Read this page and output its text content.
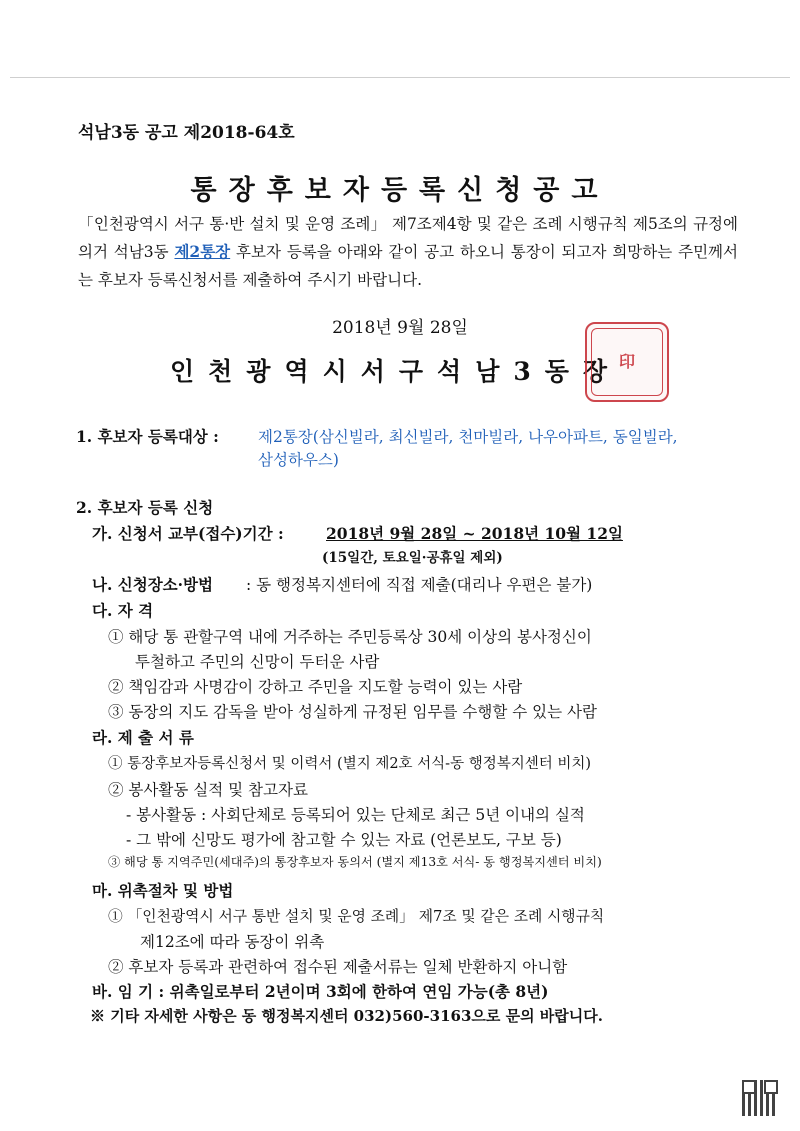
석남3동 공고 제2018-64호
통장후보자등록신청공고
「인천광역시 서구 통·반 설치 및 운영 조례」 제7조제4항 및 같은 조례 시행규칙 제5조의 규정에 의거 석남3동 제2통장 후보자 등록을 아래와 같이 공고 하오니 통장이 되고자 희망하는 주민께서는 후보자 등록신청서를 제출하여 주시기 바랍니다.
2018년 9월 28일
인천광역시서구석남3동장
印
1. 후보자 등록대상 :	제2통장(삼신빌라, 최신빌라, 천마빌라, 나우아파트, 동일빌라,
삼성하우스)
2. 후보자 등록 신청
가. 신청서 교부(접수)기간 :	2018년 9월 28일 ~ 2018년 10월 12일
(15일간, 토요일·공휴일 제외)
나. 신청장소·방법 : 동 행정복지센터에 직접 제출(대리나 우편은 불가)
다. 자 격
① 해당 통 관할구역 내에 거주하는 주민등록상 30세 이상의 봉사정신이
투철하고 주민의 신망이 두터운 사람
② 책임감과 사명감이 강하고 주민을 지도할 능력이 있는 사람
③ 동장의 지도 감독을 받아 성실하게 규정된 임무를 수행할 수 있는 사람
라. 제 출 서 류
① 통장후보자등록신청서 및 이력서 (별지 제2호 서식-동 행정복지센터 비치)
② 봉사활동 실적 및 참고자료
- 봉사활동 : 사회단체로 등록되어 있는 단체로 최근 5년 이내의 실적
- 그 밖에 신망도 평가에 참고할 수 있는 자료 (언론보도, 구보 등)
③ 해당 통 지역주민(세대주)의 통장후보자 동의서 (별지 제13호 서식- 동 행정복지센터 비치)
마. 위촉절차 및 방법
① 「인천광역시 서구 통반 설치 및 운영 조례」 제7조 및 같은 조례 시행규칙
제12조에 따라 동장이 위촉
② 후보자 등록과 관련하여 접수된 제출서류는 일체 반환하지 아니함
바. 임 기 : 위촉일로부터 2년이며 3회에 한하여 연임 가능(총 8년)
※ 기타 자세한 사항은 동 행정복지센터 032)560-3163으로 문의 바랍니다.
